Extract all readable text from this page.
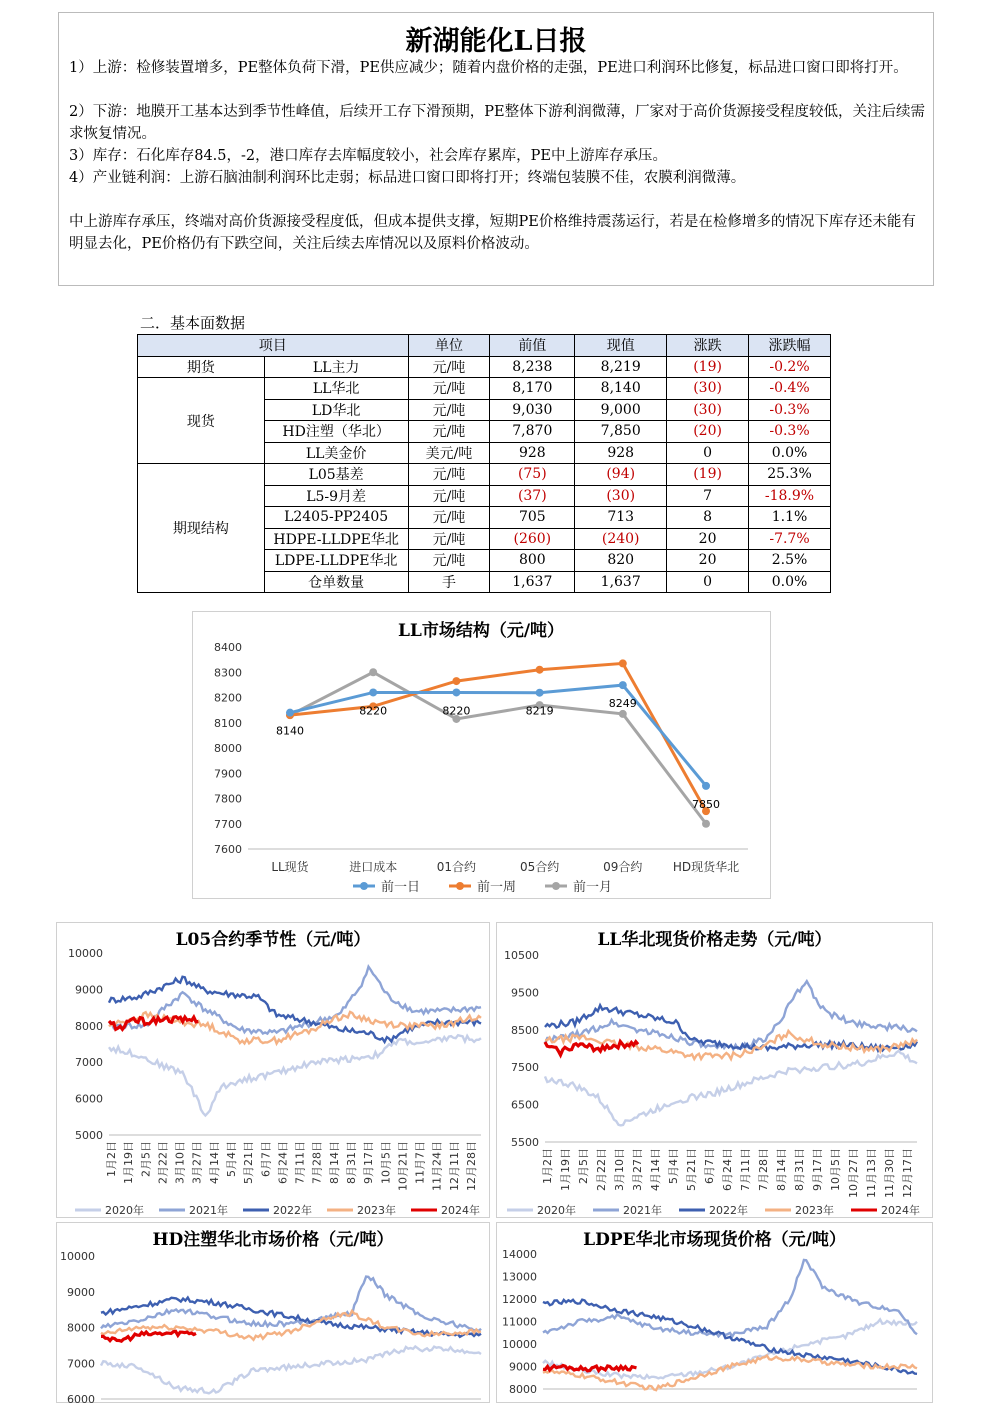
新湖能化L日报
1）上游：检修装置增多，PE整体负荷下滑，PE供应减少；随着内盘价格的走强，PE进口利润环比修复，标品进口窗口即将打开。
2）下游：地膜开工基本达到季节性峰值，后续开工存下滑预期，PE整体下游利润微薄，厂家对于高价货源接受程度较低，关注后续需求恢复情况。
3）库存：石化库存84.5，-2，港口库存去库幅度较小，社会库存累库，PE中上游库存承压。
4）产业链利润：上游石脑油制利润环比走弱；标品进口窗口即将打开；终端包装膜不佳，农膜利润微薄。
中上游库存承压，终端对高价货源接受程度低，但成本提供支撑，短期PE价格维持震荡运行，若是在检修增多的情况下库存还未能有明显去化，PE价格仍有下跌空间，关注后续去库情况以及原料价格波动。
二．基本面数据
项目		单位	前值	现值	涨跌	涨跌幅
期货	LL主力	元/吨	8,238	8,219	(19)	-0.2%
现货	LL华北	元/吨	8,170	8,140	(30)	-0.4%
	LD华北	元/吨	9,030	9,000	(30)	-0.3%
	HD注塑（华北）	元/吨	7,870	7,850	(20)	-0.3%
	LL美金价	美元/吨	928	928	0	0.0%
期现结构	L05基差	元/吨	(75)	(94)	(19)	25.3%
	L5-9月差	元/吨	(37)	(30)	7	-18.9%
	L2405-PP2405	元/吨	705	713	8	1.1%
	HDPE-LLDPE华北	元/吨	(260)	(240)	20	-7.7%
	LDPE-LLDPE华北	元/吨	800	820	20	2.5%
	仓单数量	手	1,637	1,637	0	0.0%
LL市场结构（元/吨）
7600
7700
7800
7900
8000
8100
8200
8300
8400
LL现货	进口成本	01合约	05合约	09合约	HD现货华北
8140
8220	8220	8219
8249
7850
前一日	前一周	前一月
L05合约季节性（元/吨）
5000
6000
7000
8000
9000
10000
1月2日 1月19日 2月5日 2月22日 3月10日 3月27日 4月14日 5月4日 5月21日 6月7日 6月24日 7月11日 7月28日 8月14日 8月31日 9月17日 10月5日 10月21日 11月7日 11月24日 12月11日 12月28日
2020年	2021年	2022年	2023年	2024年
LL华北现货价格走势（元/吨）
5500
6500
7500
8500
9500
10500
1月2日 1月19日 2月5日 2月22日 3月10日 3月27日 4月14日 5月4日 5月21日 6月7日 6月24日 7月11日 7月28日 8月14日 8月31日 9月17日 10月5日 10月27日 11月13日 11月30日 12月17日
2020年	2021年	2022年	2023年	2024年
HD注塑华北市场价格（元/吨）
6000
7000
8000
9000
10000
LDPE华北市场现货价格（元/吨）
8000
9000
10000
11000
12000
13000
14000
